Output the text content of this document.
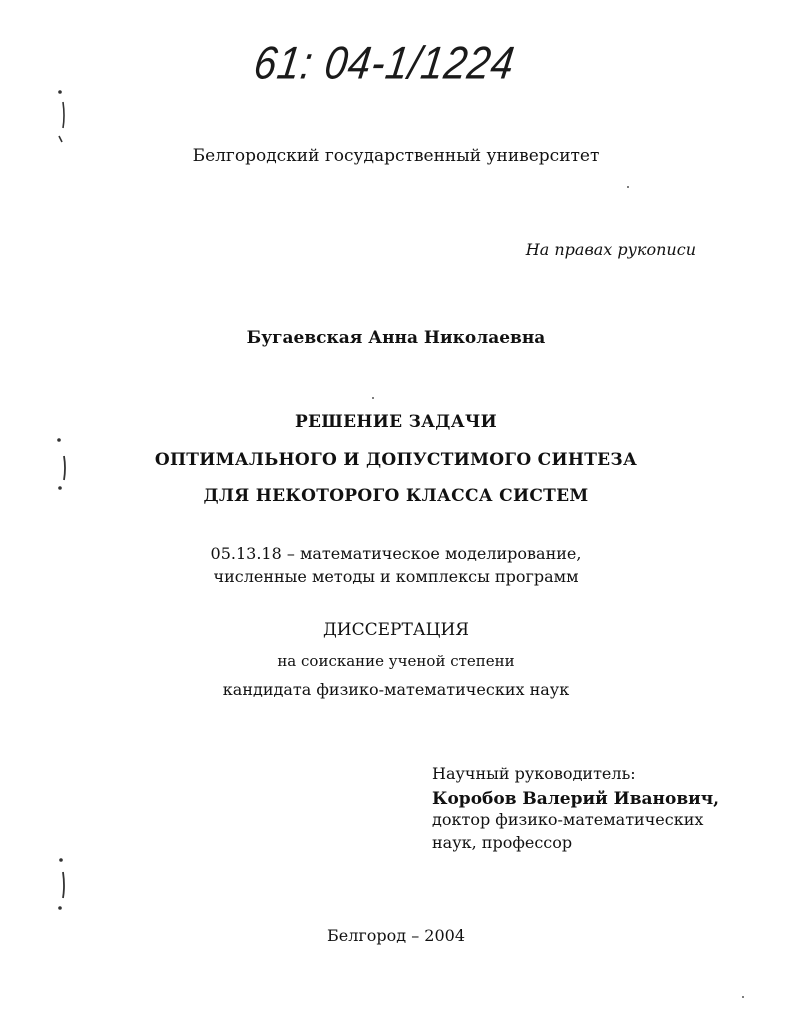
61: 04-1/1224
Белгородский государственный университет
На правах рукописи
Бугаевская Анна Николаевна
РЕШЕНИЕ ЗАДАЧИ
ОПТИМАЛЬНОГО И ДОПУСТИМОГО СИНТЕЗА
ДЛЯ НЕКОТОРОГО КЛАССА СИСТЕМ
05.13.18 – математическое моделирование,
численные методы и комплексы программ
ДИССЕРТАЦИЯ
на соискание ученой степени
кандидата физико-математических наук
Научный руководитель:
Коробов Валерий Иванович,
доктор физико-математических
наук, профессор
Белгород – 2004
